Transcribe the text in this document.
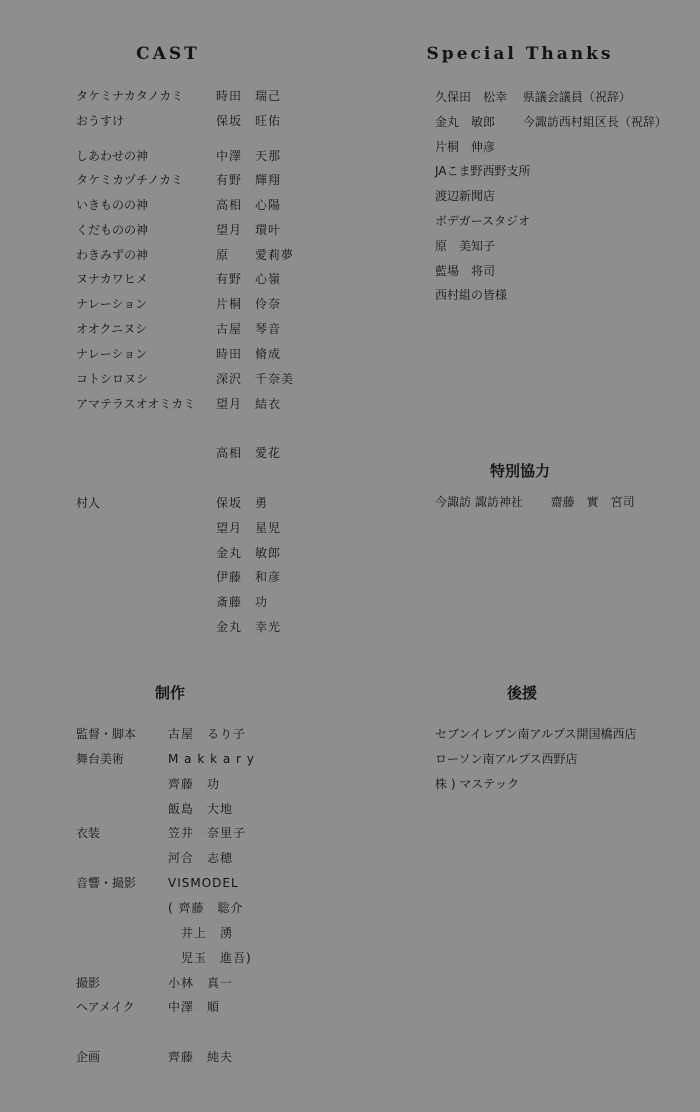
CAST
タケミナカタノカミ	時田　瑞己
おうすけ	保坂　旺佑
しあわせの神	中澤　天那
タケミカヅチノカミ	有野　輝翔
いきものの神	高相　心陽
くだものの神	望月　環叶
わきみずの神	原　　愛莉夢
ヌナカワヒメ	有野　心嶺
ナレーション	片桐　伶奈
オオクニヌシ	古屋　琴音
ナレーション	時田　脩成
コトシロヌシ	深沢　千奈美
アマテラスオオミカミ 望月　結衣
高相　愛花
村人	保坂　勇
望月　星児
金丸　敏郎
伊藤　和彦
斎藤　功
金丸　幸光
Special Thanks
久保田　松幸　 県議会議員（祝辞）
金丸　敏郎　　 今諏訪西村組区長（祝辞）
片桐　伸彦
JAこま野西野支所
渡辺新聞店
ボデガースタジオ
原　美知子
藍場　将司
西村組の皆様
特別協力
今諏訪 諏訪神社　　 齋藤　實　宮司
制作
監督・脚本	古屋　るり子
舞台美術	M a k k a r y
齊藤　功
飯島　大地
衣装	笠井　奈里子
河合　志穂
音響・撮影	VISMODEL
( 齊藤　聡介
　井上　湧
　児玉　進吾)
撮影	小林　真一
ヘアメイク	中澤　順
企画	齊藤　純夫
後援
セブンイレブン南アルプス開国橋西店
ローソン南アルプス西野店
株 ) マステック
